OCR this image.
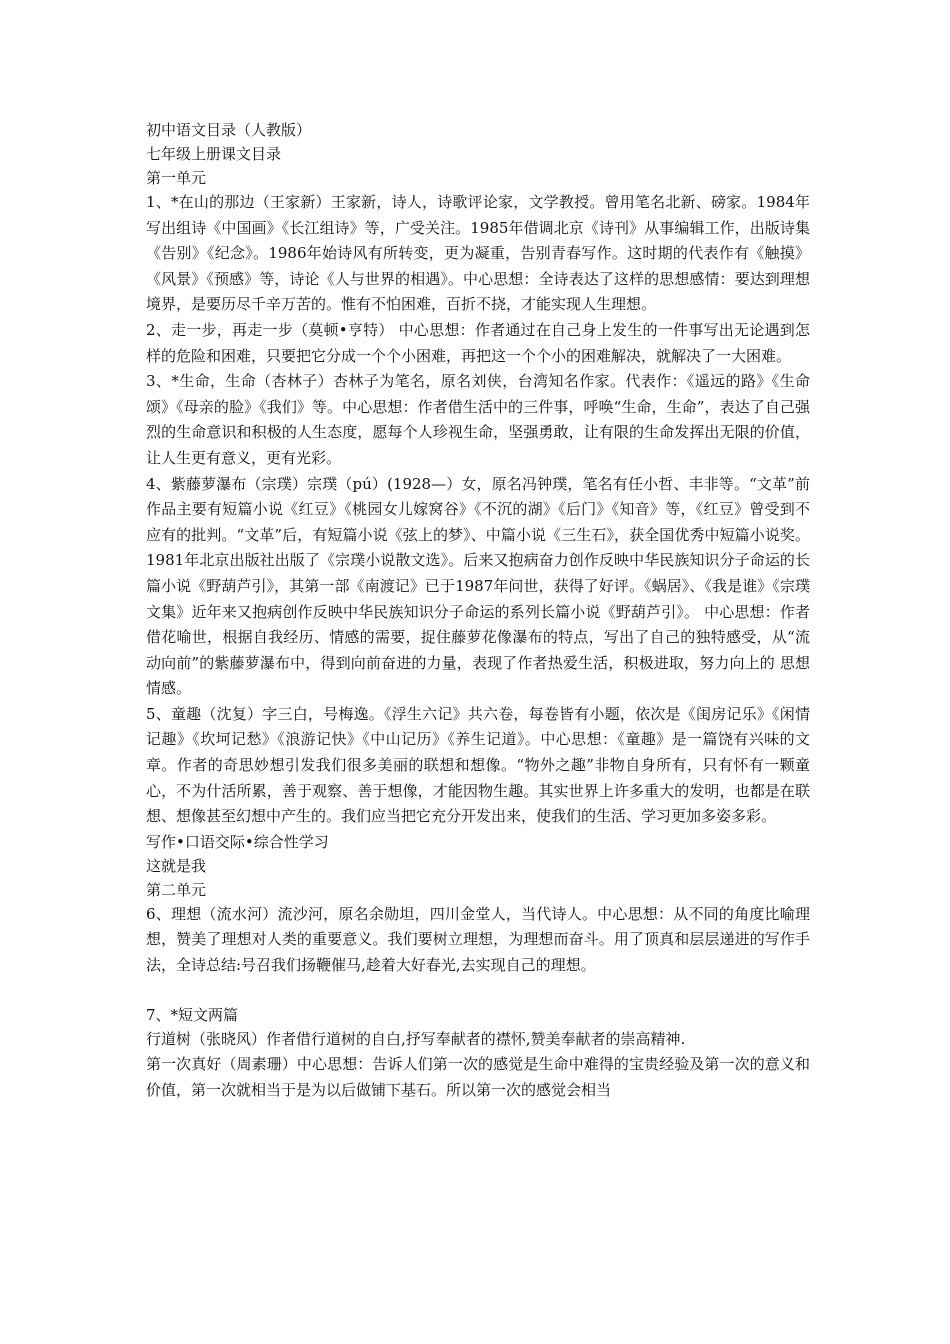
初中语文目录（人教版）

七年级上册课文目录

第一单元

1、*在山的那边（王家新）王家新，诗人，诗歌评论家，文学教授。曾用笔名北新、磅家。1984年写出组诗《中国画》《长江组诗》等，广受关注。1985年借调北京《诗刊》从事编辑工作，出版诗集《告别》《纪念》。1986年始诗风有所转变，更为凝重，告别青春写作。这时期的代表作有《触摸》《风景》《预感》等，诗论《人与世界的相遇》。中心思想：全诗表达了这样的思想感情：要达到理想境界，是要历尽千辛万苦的。惟有不怕困难，百折不挠，才能实现人生理想。

2、走一步，再走一步（莫顿•亨特） 中心思想：作者通过在自己身上发生的一件事写出无论遇到怎样的危险和困难，只要把它分成一个个小困难，再把这一个个小的困难解决，就解决了一大困难。

3、*生命，生命（杏林子）杏林子为笔名，原名刘侠，台湾知名作家。代表作：《遥远的路》《生命颂》《母亲的脸》《我们》等。中心思想：作者借生活中的三件事，呼唤“生命，生命”，表达了自己强烈的生命意识和积极的人生态度，愿每个人珍视生命，坚强勇敢，让有限的生命发挥出无限的价值，让人生更有意义，更有光彩。

4、紫藤萝瀑布（宗璞）宗璞（pú）(1928—）女，原名冯钟璞，笔名有任小哲、丰非等。“文革”前作品主要有短篇小说《红豆》《桃园女儿嫁窝谷》《不沉的湖》《后门》《知音》等，《红豆》曾受到不应有的批判。“文革”后，有短篇小说《弦上的梦》、中篇小说《三生石》，获全国优秀中短篇小说奖。1981年北京出版社出版了《宗璞小说散文选》。后来又抱病奋力创作反映中华民族知识分子命运的长篇小说《野葫芦引》，其第一部《南渡记》已于1987年问世，获得了好评。《蜗居》、《我是谁》《宗璞文集》近年来又抱病创作反映中华民族知识分子命运的系列长篇小说《野葫芦引》。 中心思想：作者借花喻世，根据自我经历、情感的需要，捉住藤萝花像瀑布的特点，写出了自己的独特感受，从“流动向前”的紫藤萝瀑布中，得到向前奋进的力量，表现了作者热爱生活，积极进取，努力向上的 思想情感。

5、童趣（沈复）字三白，号梅逸。《浮生六记》共六卷，每卷皆有小题，依次是《闺房记乐》《闲情记趣》《坎坷记愁》《浪游记快》《中山记历》《养生记道》。中心思想：《童趣》是一篇饶有兴味的文章。作者的奇思妙想引发我们很多美丽的联想和想像。“物外之趣”非物自身所有，只有怀有一颗童心，不为什活所累，善于观察、善于想像，才能因物生趣。其实世界上许多重大的发明，也都是在联想、想像甚至幻想中产生的。我们应当把它充分开发出来，使我们的生活、学习更加多姿多彩。

写作•口语交际•综合性学习

这就是我

第二单元

6、理想（流水河）流沙河，原名余勋坦，四川金堂人，当代诗人。中心思想：从不同的角度比喻理想，赞美了理想对人类的重要意义。我们要树立理想，为理想而奋斗。用了顶真和层层递进的写作手法，全诗总结:号召我们扬鞭催马,趁着大好春光,去实现自己的理想。

7、*短文两篇

行道树（张晓风）作者借行道树的自白,抒写奉献者的襟怀,赞美奉献者的崇高精神.

第一次真好（周素珊）中心思想：告诉人们第一次的感觉是生命中难得的宝贵经验及第一次的意义和价值，第一次就相当于是为以后做铺下基石。所以第一次的感觉会相当
